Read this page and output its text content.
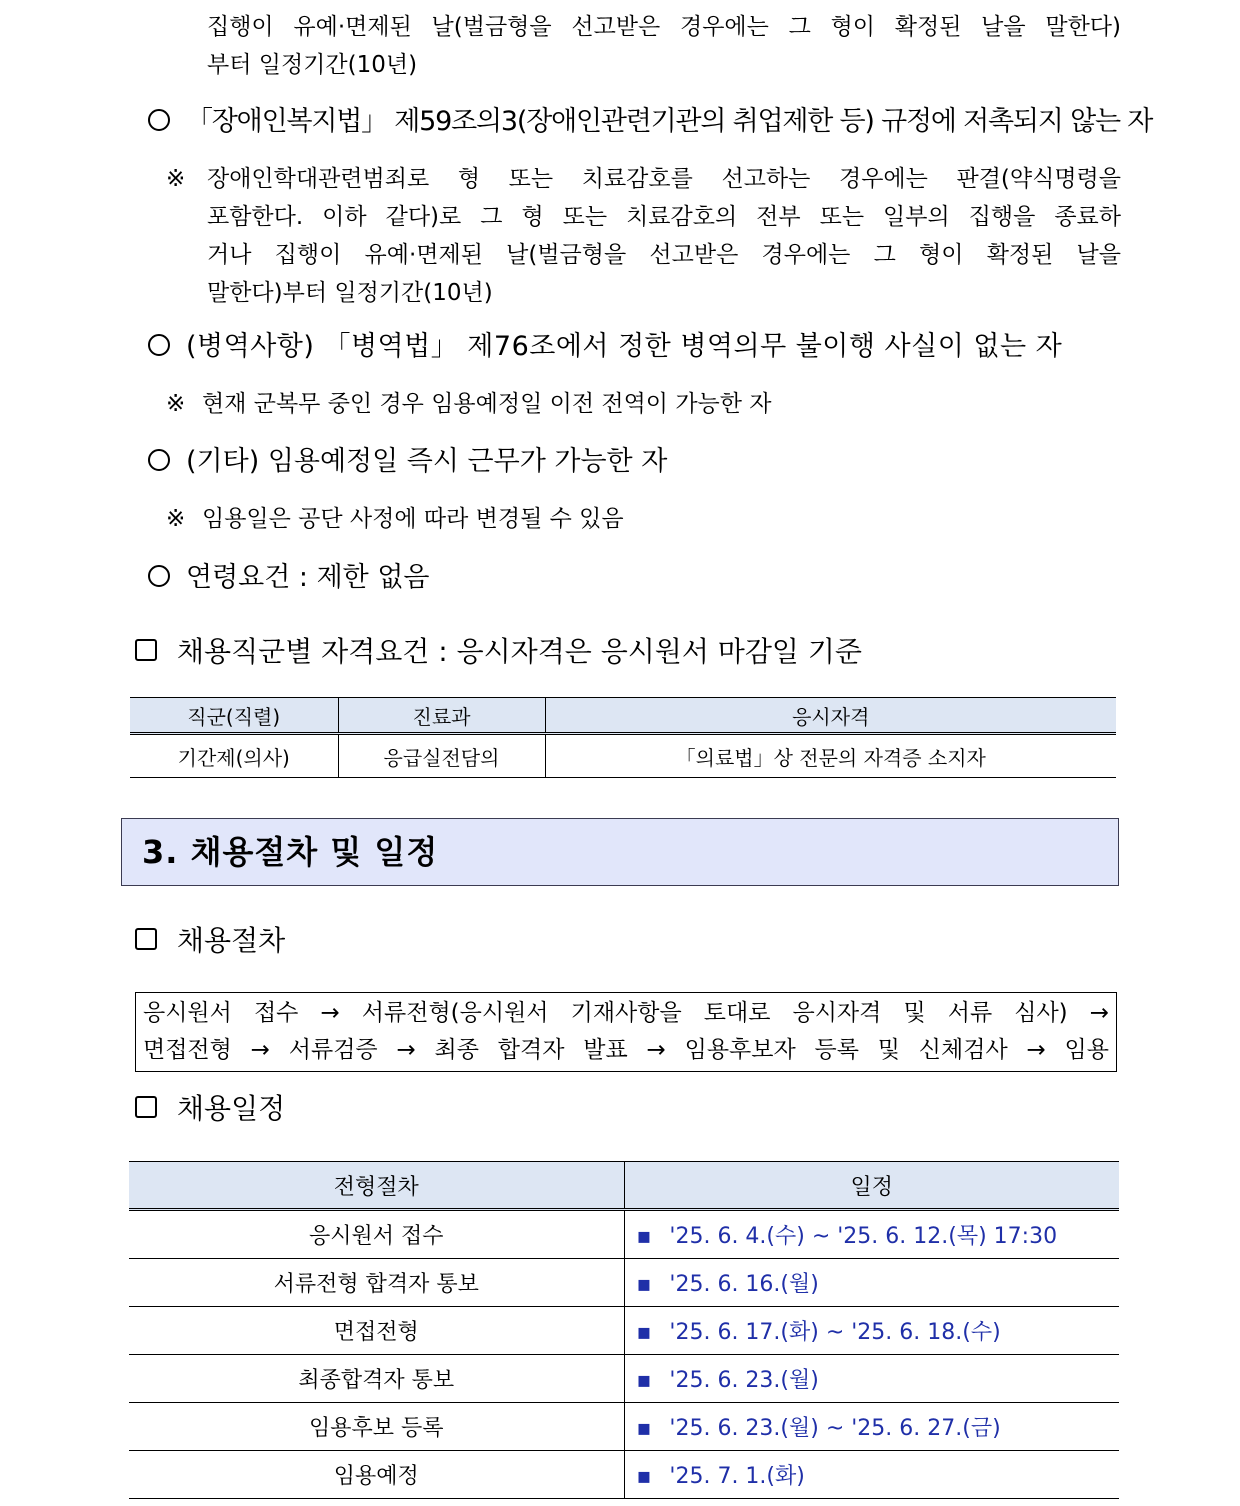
집행이 유예·면제된 날(벌금형을 선고받은 경우에는 그 형이 확정된 날을 말한다)
부터 일정기간(10년)
「장애인복지법」 제59조의3(장애인관련기관의 취업제한 등) 규정에 저촉되지 않는 자
※ 장애인학대관련범죄로 형 또는 치료감호를 선고하는 경우에는 판결(약식명령을
포함한다. 이하 같다)로 그 형 또는 치료감호의 전부 또는 일부의 집행을 종료하
거나 집행이 유예·면제된 날(벌금형을 선고받은 경우에는 그 형이 확정된 날을
말한다)부터 일정기간(10년)
(병역사항) 「병역법」 제76조에서 정한 병역의무 불이행 사실이 없는 자
※ 현재 군복무 중인 경우 임용예정일 이전 전역이 가능한 자
(기타) 임용예정일 즉시 근무가 가능한 자
※ 임용일은 공단 사정에 따라 변경될 수 있음
연령요건 : 제한 없음
채용직군별 자격요건 : 응시자격은 응시원서 마감일 기준
직군(직렬)	진료과	응시자격
기간제(의사)	응급실전담의	「의료법」상 전문의 자격증 소지자
3. 채용절차 및 일정
채용절차
응시원서 접수 → 서류전형(응시원서 기재사항을 토대로 응시자격 및 서류 심사) →
면접전형 → 서류검증 → 최종 합격자 발표 → 임용후보자 등록 및 신체검사 → 임용
채용일정
전형절차	일정
응시원서 접수	▪ '25. 6. 4.(수) ~ '25. 6. 12.(목) 17:30
서류전형 합격자 통보	▪ '25. 6. 16.(월)
면접전형	▪ '25. 6. 17.(화) ~ '25. 6. 18.(수)
최종합격자 통보	▪ '25. 6. 23.(월)
임용후보 등록	▪ '25. 6. 23.(월) ~ '25. 6. 27.(금)
임용예정	▪ '25. 7. 1.(화)
